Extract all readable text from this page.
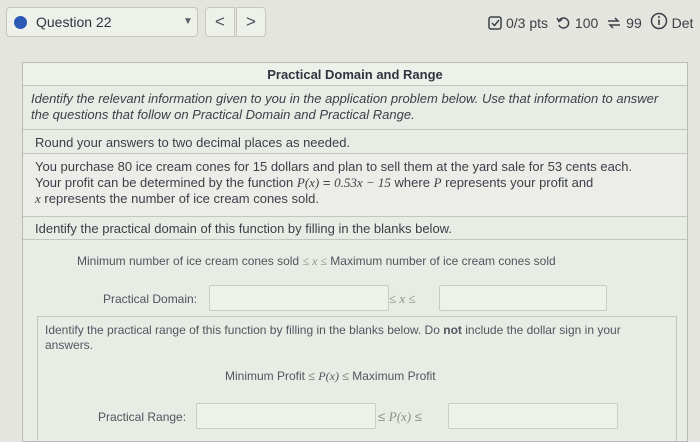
Question 22	▼	<	>	0/3 pts 100 99 Det
Practical Domain and Range
Identify the relevant information given to you in the application problem below. Use that information to answer the questions that follow on Practical Domain and Practical Range.
Round your answers to two decimal places as needed.
You purchase 80 ice cream cones for 15 dollars and plan to sell them at the yard sale for 53 cents each.
Your profit can be determined by the function P(x) = 0.53x − 15 where P represents your profit and
x represents the number of ice cream cones sold.
Identify the practical domain of this function by filling in the blanks below.
Minimum number of ice cream cones sold ≤ x ≤ Maximum number of ice cream cones sold
Practical Domain:	≤ x ≤
Identify the practical range of this function by filling in the blanks below. Do not include the dollar sign in your answers.
Minimum Profit ≤ P(x) ≤ Maximum Profit
Practical Range:	≤ P(x) ≤
